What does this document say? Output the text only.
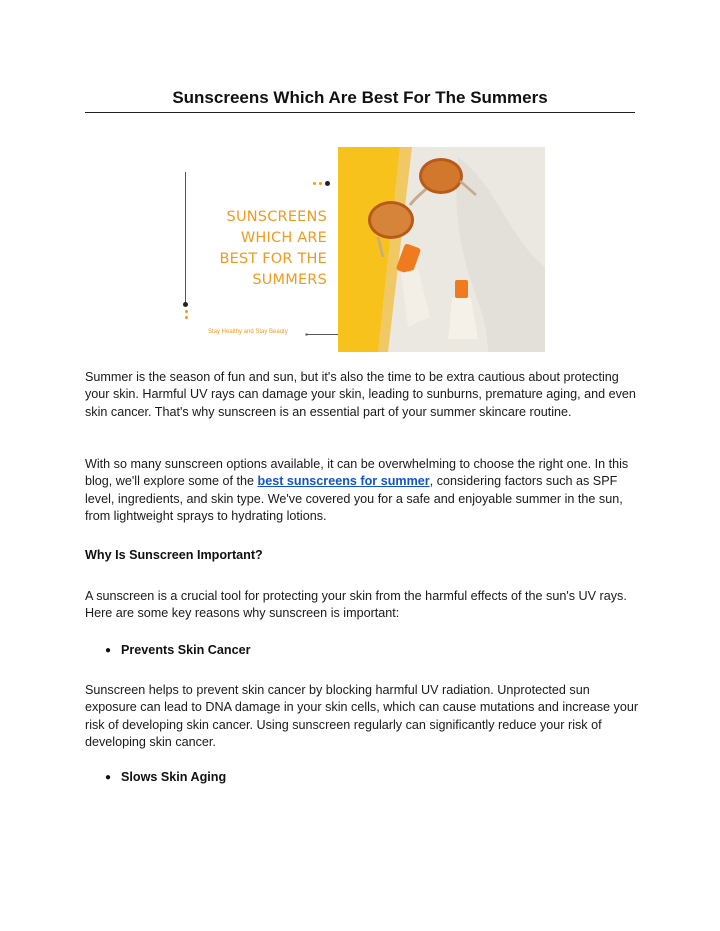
Sunscreens Which Are Best For The Summers
SUNSCREENS
WHICH ARE
BEST FOR THE
SUMMERS
Stay Healthy and Stay Beauty
Summer is the season of fun and sun, but it's also the time to be extra cautious about protecting your skin. Harmful UV rays can damage your skin, leading to sunburns, premature aging, and even skin cancer. That's why sunscreen is an essential part of your summer skincare routine.
With so many sunscreen options available, it can be overwhelming to choose the right one. In this blog, we'll explore some of the best sunscreens for summer, considering factors such as SPF level, ingredients, and skin type. We've covered you for a safe and enjoyable summer in the sun, from lightweight sprays to hydrating lotions.
Why Is Sunscreen Important?
A sunscreen is a crucial tool for protecting your skin from the harmful effects of the sun's UV rays. Here are some key reasons why sunscreen is important:
● Prevents Skin Cancer
Sunscreen helps to prevent skin cancer by blocking harmful UV radiation. Unprotected sun exposure can lead to DNA damage in your skin cells, which can cause mutations and increase your risk of developing skin cancer. Using sunscreen regularly can significantly reduce your risk of developing skin cancer.
● Slows Skin Aging
